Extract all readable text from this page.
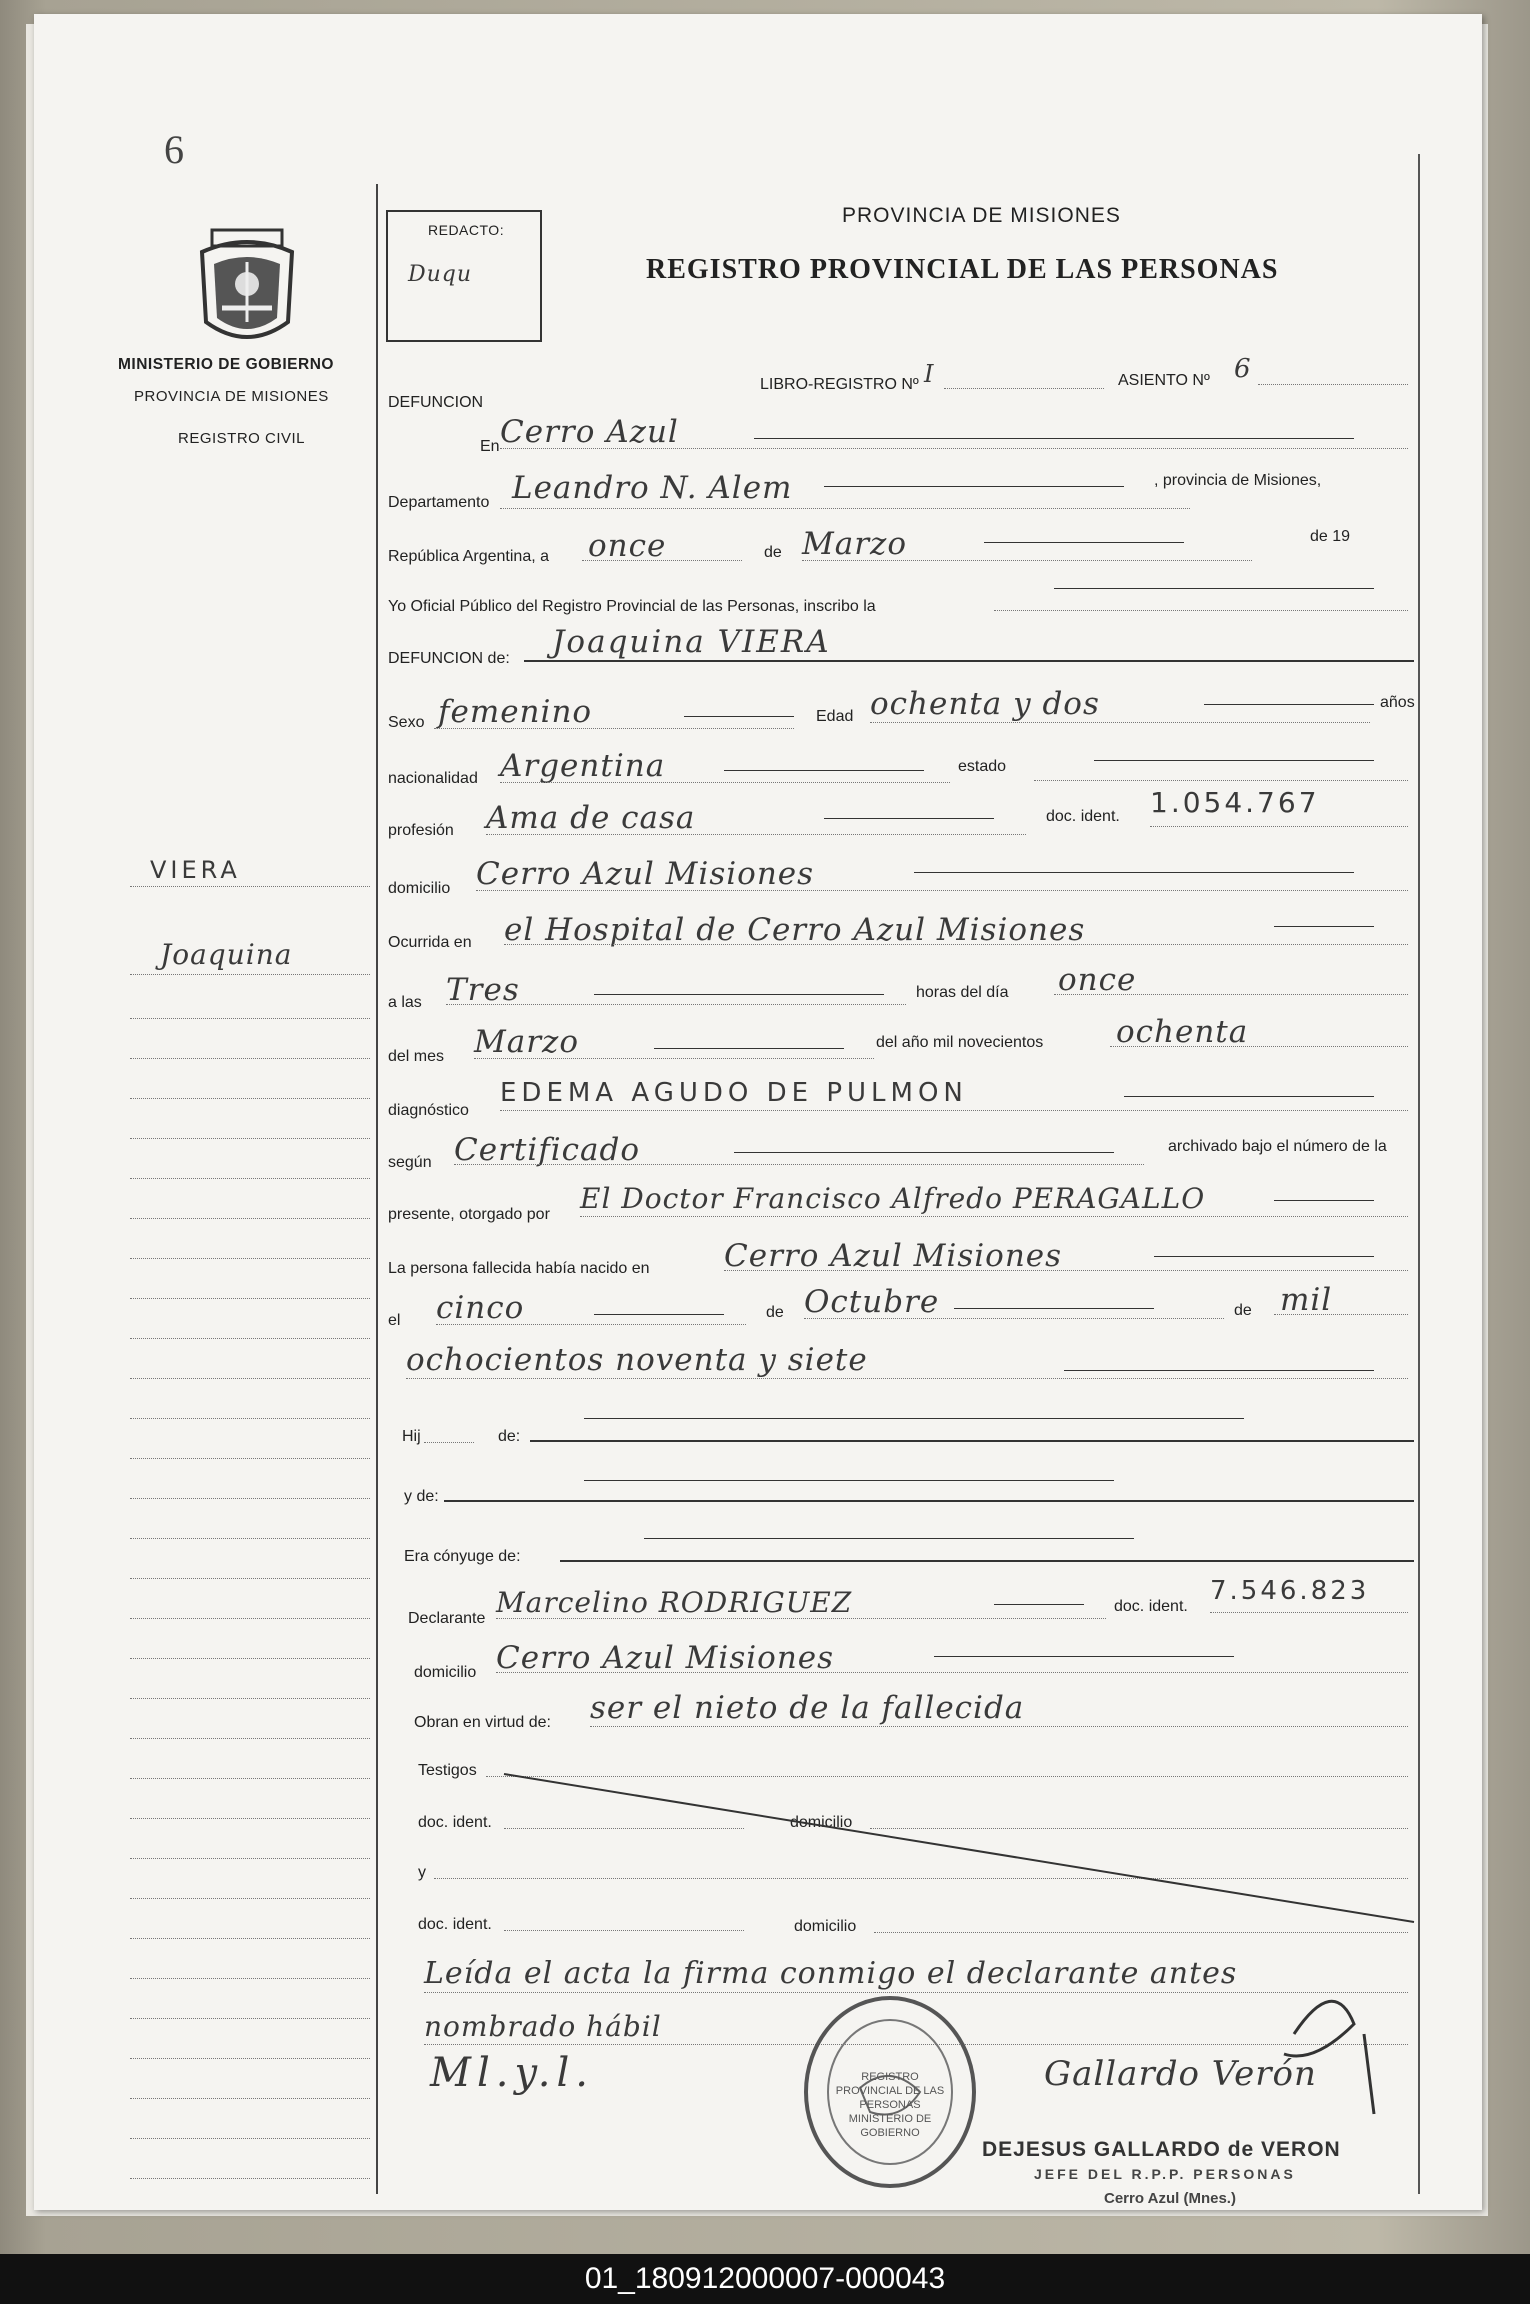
6
MINISTERIO DE GOBIERNO
PROVINCIA DE MISIONES
REGISTRO CIVIL
REDACTO:
Duqu
PROVINCIA DE MISIONES
REGISTRO PROVINCIAL DE LAS PERSONAS
DEFUNCION
LIBRO-REGISTRO Nº I	ASIENTO Nº 6
En Cerro Azul
Departamento Leandro N. Alem	, provincia de Misiones,
República Argentina, a once	de Marzo	de 19
Yo Oficial Público del Registro Provincial de las Personas, inscribo la
DEFUNCION de: Joaquina VIERA
Sexo femenino	Edad ochenta y dos	años
nacionalidad Argentina	estado
profesión Ama de casa	doc. ident. 1.054.767
domicilio Cerro Azul Misiones
VIERA
Joaquina	Ocurrida en el Hospital de Cerro Azul Misiones
a las Tres	horas del día once
del mes Marzo	del año mil novecientos ochenta
diagnóstico
EDEMA AGUDO DE PULMON
según Certificado	archivado bajo el número de la
presente, otorgado por El Doctor Francisco Alfredo PERAGALLO
La persona fallecida había nacido en Cerro Azul Misiones
el cinco	de Octubre	de mil
ochocientos noventa y siete
Hij	de:
y de:
Era cónyuge de:
Declarante Marcelino RODRIGUEZ	doc. ident.
7.546.823
domicilio Cerro Azul Misiones
Obran en virtud de: ser el nieto de la fallecida
Testigos
doc. ident.	domicilio
y
doc. ident.	domicilio
Leída el acta la firma conmigo el declarante antes
nombrado hábil
Ml.y.l.	REGISTRO PROVINCIAL DE LAS PERSONAS
MINISTERIO DE GOBIERNO
Gallardo Verón
DEJESUS GALLARDO de VERON
JEFE DEL R.P.P. PERSONAS
Cerro Azul (Mnes.)
01_180912000007-000043
